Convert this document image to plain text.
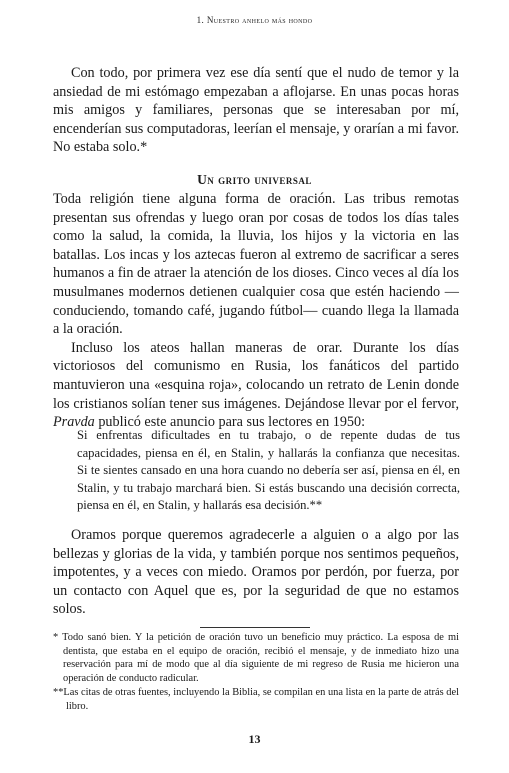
1. Nuestro anhelo más hondo

Con todo, por primera vez ese día sentí que el nudo de temor y la ansiedad de mi estómago empezaban a aflojarse. En unas pocas horas mis amigos y familiares, personas que se interesaban por mí, encenderían sus computadoras, leerían el mensaje, y orarían a mi favor. No estaba solo.*

Un grito universal

Toda religión tiene alguna forma de oración. Las tribus remotas presentan sus ofrendas y luego oran por cosas de todos los días tales como la salud, la comida, la lluvia, los hijos y la victoria en las batallas. Los incas y los aztecas fueron al extremo de sacrificar a seres humanos a fin de atraer la atención de los dioses. Cinco veces al día los musulmanes modernos detienen cualquier cosa que estén haciendo —conduciendo, tomando café, jugando fútbol— cuando llega la llamada a la oración.

Incluso los ateos hallan maneras de orar. Durante los días victoriosos del comunismo en Rusia, los fanáticos del partido mantuvieron una «esquina roja», colocando un retrato de Lenin donde los cristianos solían tener sus imágenes. Dejándose llevar por el fervor, Pravda publicó este anuncio para sus lectores en 1950:

Si enfrentas dificultades en tu trabajo, o de repente dudas de tus capacidades, piensa en él, en Stalin, y hallarás la confianza que necesitas. Si te sientes cansado en una hora cuando no debería ser así, piensa en él, en Stalin, y tu trabajo marchará bien. Si estás buscando una decisión correcta, piensa en él, en Stalin, y hallarás esa decisión.**

Oramos porque queremos agradecerle a alguien o a algo por las bellezas y glorias de la vida, y también porque nos sentimos pequeños, impotentes, y a veces con miedo. Oramos por perdón, por fuerza, por un contacto con Aquel que es, por la seguridad de que no estamos solos.

* Todo sanó bien. Y la petición de oración tuvo un beneficio muy práctico. La esposa de mi dentista, que estaba en el equipo de oración, recibió el mensaje, y de inmediato hizo una reservación para mí de modo que al día siguiente de mi regreso de Rusia me hicieron una operación de conducto radicular.

**Las citas de otras fuentes, incluyendo la Biblia, se compilan en una lista en la parte de atrás del libro.

13
